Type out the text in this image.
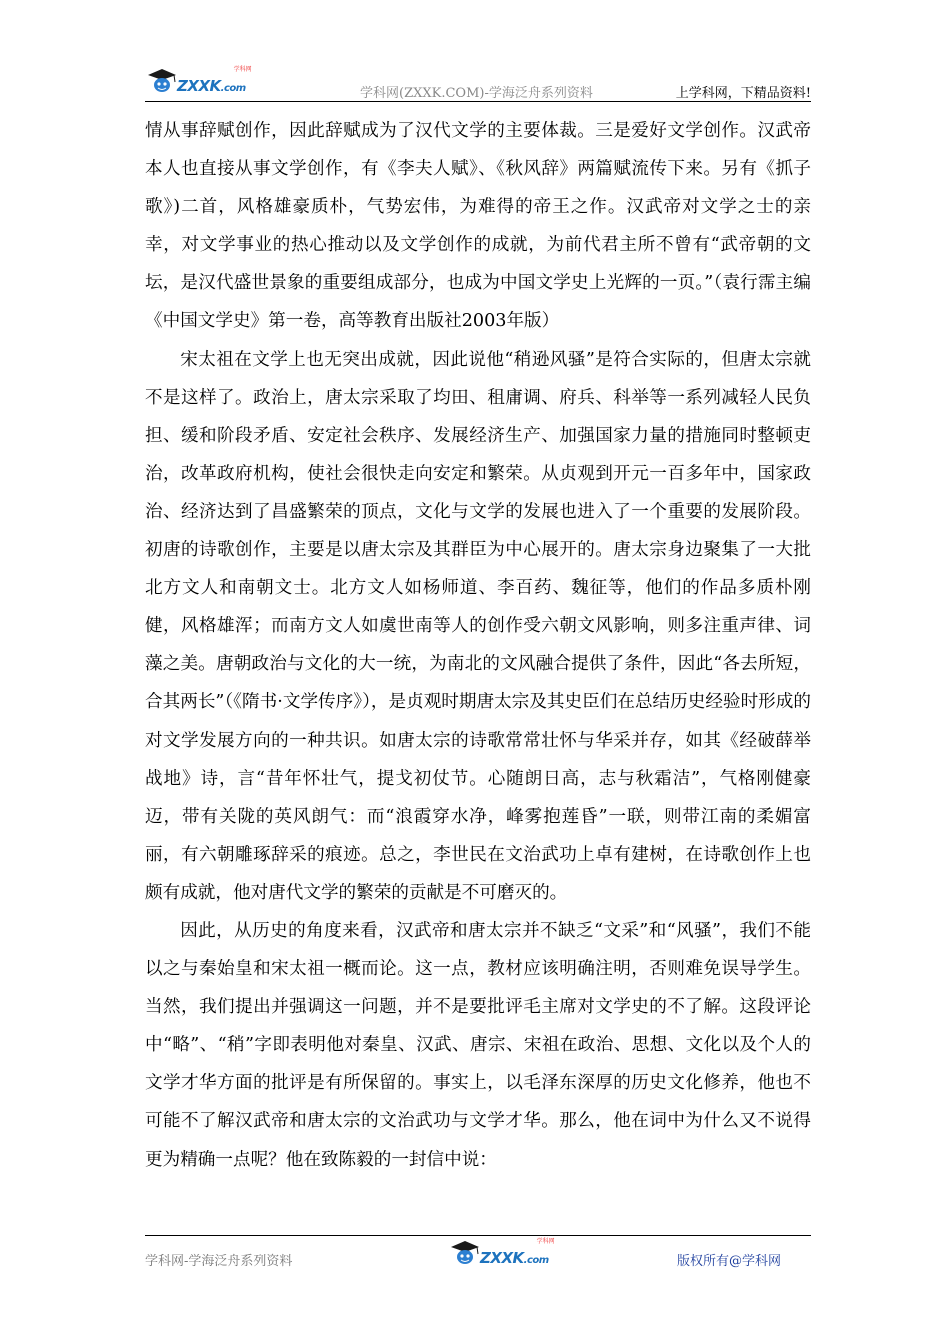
ZXXK.com
学科网
学科网(ZXXK.COM)-学海泛舟系列资料	上学科网，下精品资料!

情从事辞赋创作，因此辞赋成为了汉代文学的主要体裁。三是爱好文学创作。汉武帝本人也直接从事文学创作，有《李夫人赋》、《秋风辞》两篇赋流传下来。另有《抓子歌》)二首，风格雄豪质朴，气势宏伟，为难得的帝王之作。汉武帝对文学之士的亲幸，对文学事业的热心推动以及文学创作的成就，为前代君主所不曾有“武帝朝的文坛，是汉代盛世景象的重要组成部分，也成为中国文学史上光辉的一页。”（袁行霈主编《中国文学史》第一卷，高等教育出版社2003年版）

宋太祖在文学上也无突出成就，因此说他“稍逊风骚”是符合实际的，但唐太宗就不是这样了。政治上，唐太宗采取了均田、租庸调、府兵、科举等一系列减轻人民负担、缓和阶段矛盾、安定社会秩序、发展经济生产、加强国家力量的措施同时整顿吏治，改革政府机构，使社会很快走向安定和繁荣。从贞观到开元一百多年中，国家政治、经济达到了昌盛繁荣的顶点，文化与文学的发展也进入了一个重要的发展阶段。初唐的诗歌创作，主要是以唐太宗及其群臣为中心展开的。唐太宗身边聚集了一大批北方文人和南朝文士。北方文人如杨师道、李百药、魏征等，他们的作品多质朴刚健，风格雄浑；而南方文人如虞世南等人的创作受六朝文风影响，则多注重声律、词藻之美。唐朝政治与文化的大一统，为南北的文风融合提供了条件，因此“各去所短，合其两长”（《隋书·文学传序》），是贞观时期唐太宗及其史臣们在总结历史经验时形成的对文学发展方向的一种共识。如唐太宗的诗歌常常壮怀与华采并存，如其《经破薛举战地》诗，言“昔年怀壮气，提戈初仗节。心随朗日高，志与秋霜洁”，气格刚健豪迈，带有关陇的英风朗气：而“浪霞穿水净，峰雾抱莲昏”一联，则带江南的柔媚富丽，有六朝雕琢辞采的痕迹。总之，李世民在文治武功上卓有建树，在诗歌创作上也颇有成就，他对唐代文学的繁荣的贡献是不可磨灭的。

因此，从历史的角度来看，汉武帝和唐太宗并不缺乏“文采”和“风骚”，我们不能以之与秦始皇和宋太祖一概而论。这一点，教材应该明确注明，否则难免误导学生。当然，我们提出并强调这一问题，并不是要批评毛主席对文学史的不了解。这段评论中“略”、“稍”字即表明他对秦皇、汉武、唐宗、宋祖在政治、思想、文化以及个人的文学才华方面的批评是有所保留的。事实上，以毛泽东深厚的历史文化修养，他也不可能不了解汉武帝和唐太宗的文治武功与文学才华。那么，他在词中为什么又不说得更为精确一点呢？他在致陈毅的一封信中说：

学科网-学海泛舟系列资料	ZXXK.com
学科网
版权所有@学科网
